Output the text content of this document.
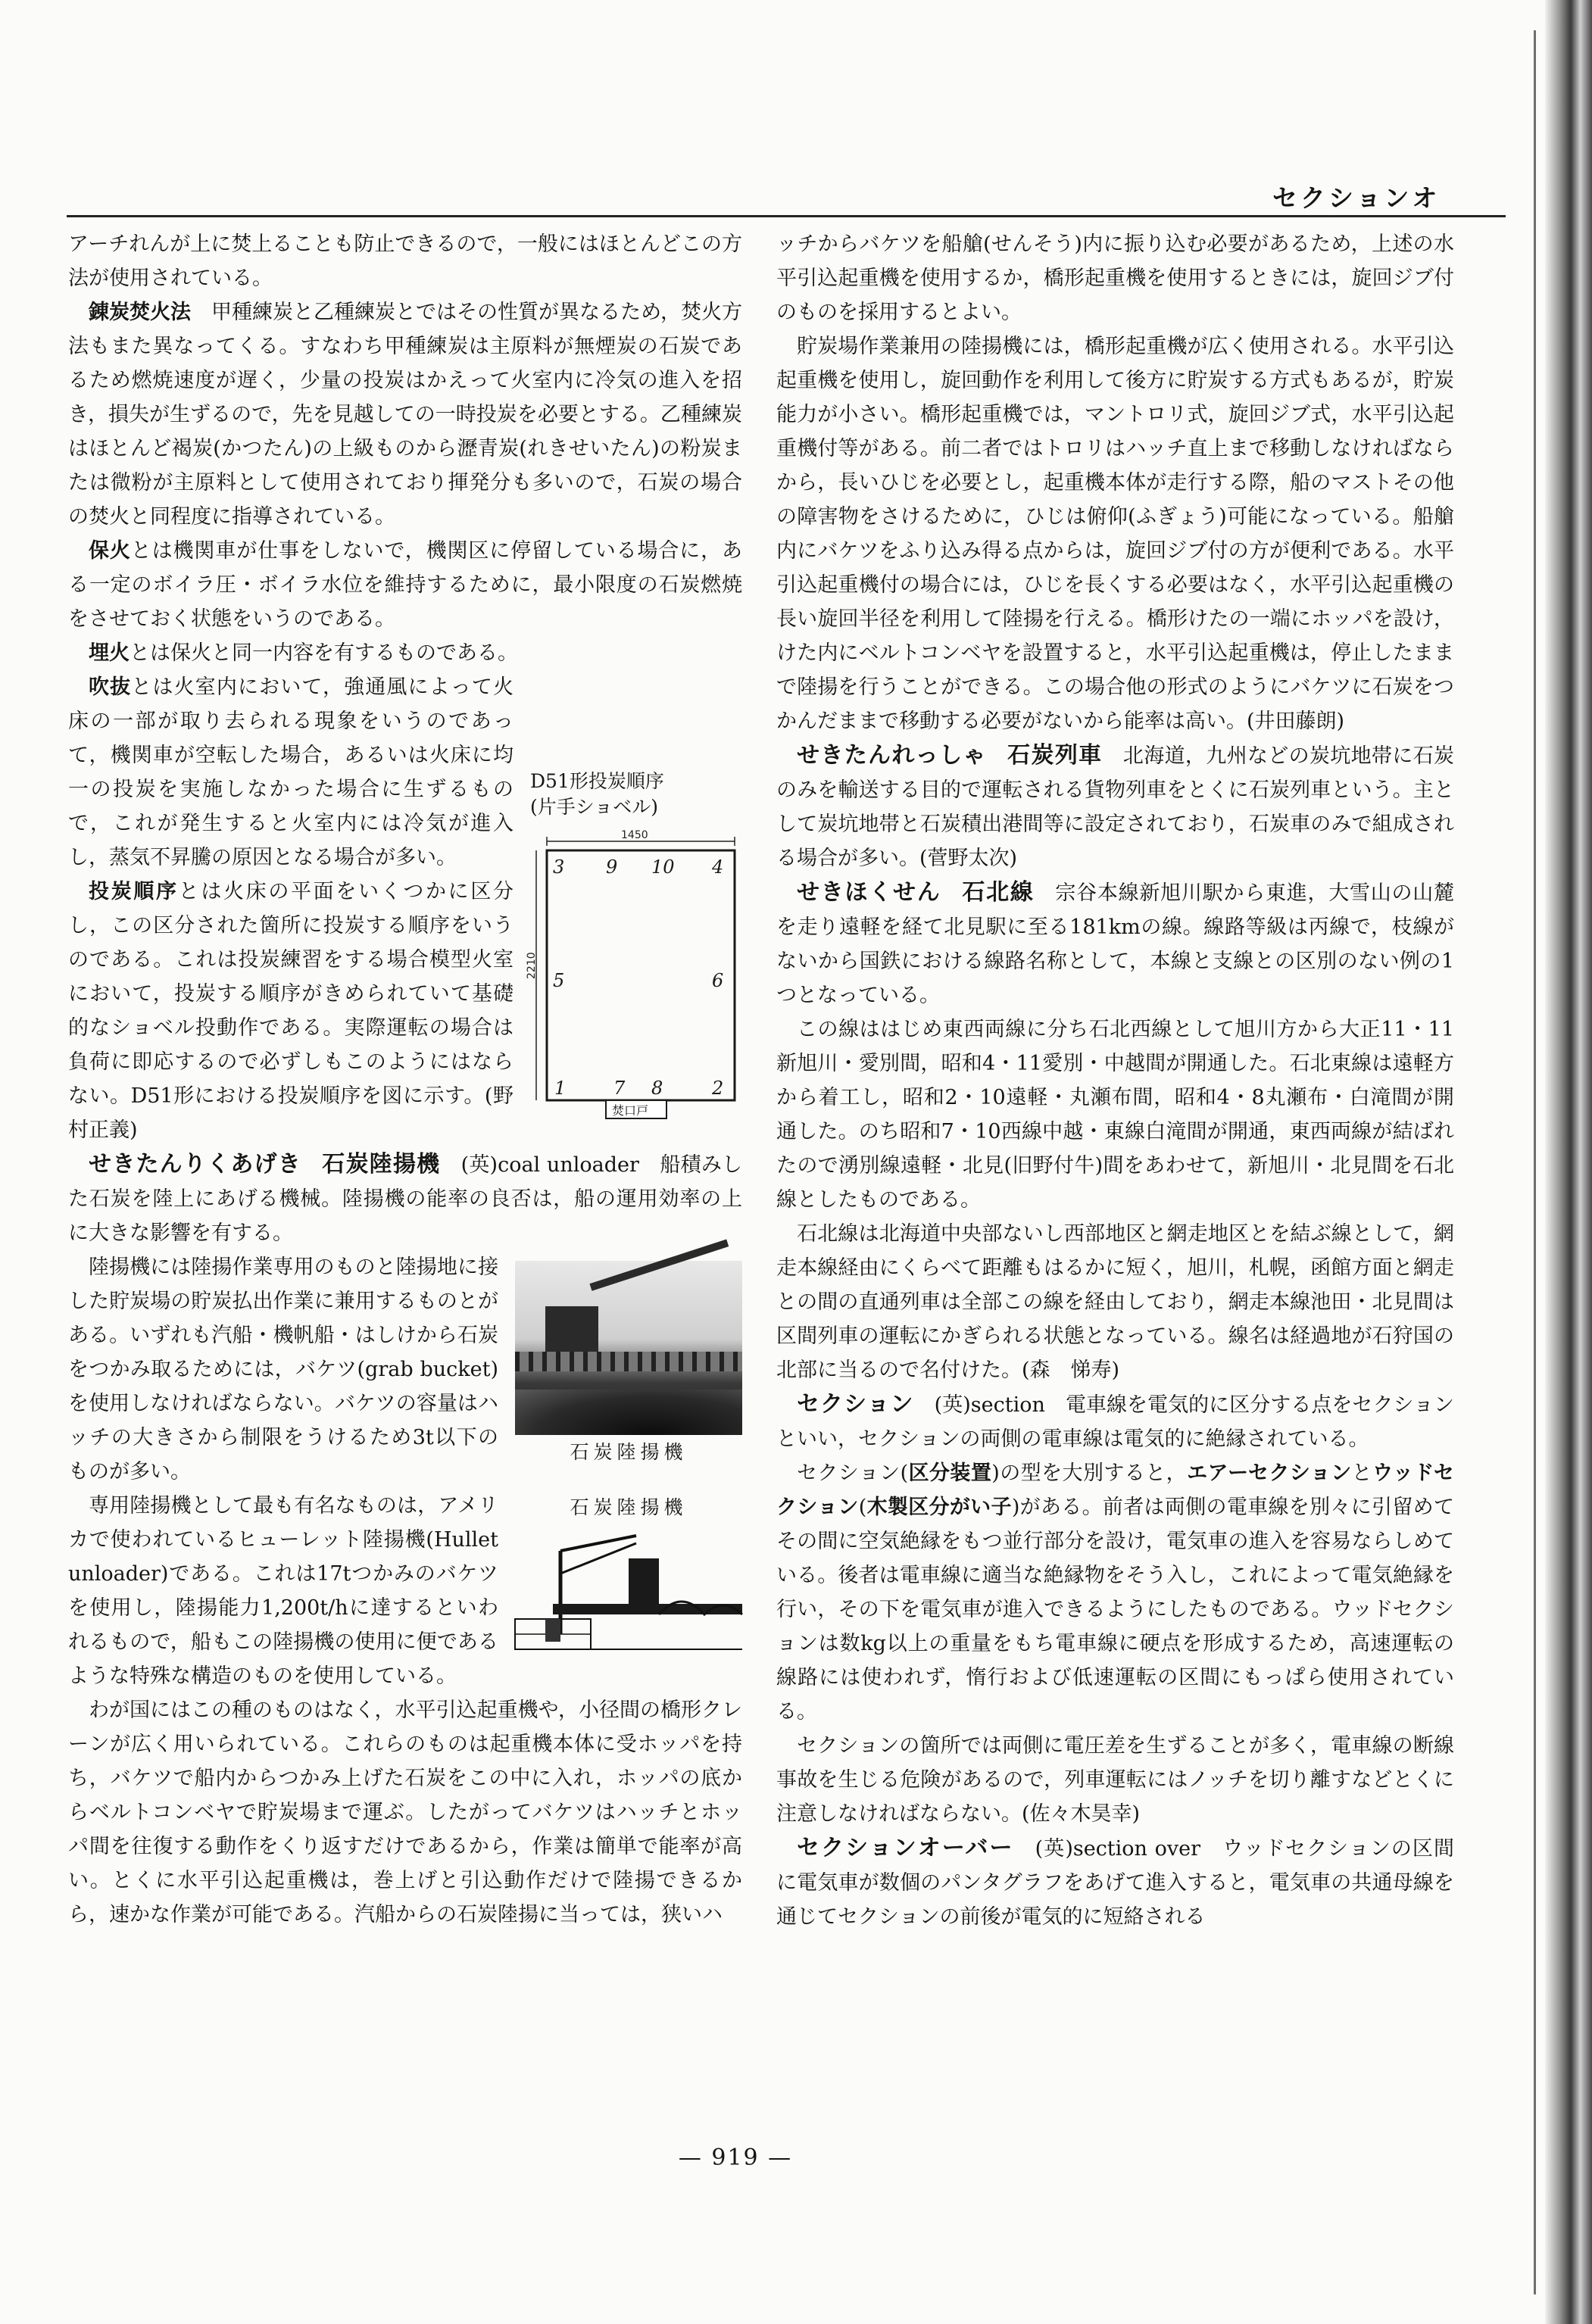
セクションオ

アーチれんが上に焚上ることも防止できるので，一般にはほとんどこの方法が使用されている。

錬炭焚火法　甲種練炭と乙種練炭とではその性質が異なるため，焚火方法もまた異なってくる。すなわち甲種練炭は主原料が無煙炭の石炭であるため燃焼速度が遅く，少量の投炭はかえって火室内に冷気の進入を招き，損失が生ずるので，先を見越しての一時投炭を必要とする。乙種練炭はほとんど褐炭(かつたん)の上級ものから瀝青炭(れきせいたん)の粉炭または微粉が主原料として使用されており揮発分も多いので，石炭の場合の焚火と同程度に指導されている。

保火とは機関車が仕事をしないで，機関区に停留している場合に，ある一定のボイラ圧・ボイラ水位を維持するために，最小限度の石炭燃焼をさせておく状態をいうのである。

埋火とは保火と同一内容を有するものである。

D51形投炭順序
(片手ショベル)
1450
2210
3 9 10 4
5	6
1	7 8	2
焚口戸

吹抜とは火室内において，強通風によって火床の一部が取り去られる現象をいうのであって，機関車が空転した場合，あるいは火床に均一の投炭を実施しなかった場合に生ずるもので，これが発生すると火室内には冷気が進入し，蒸気不昇騰の原因となる場合が多い。

投炭順序とは火床の平面をいくつかに区分し，この区分された箇所に投炭する順序をいうのである。これは投炭練習をする場合模型火室において，投炭する順序がきめられていて基礎的なショベル投動作である。実際運転の場合は負荷に即応するので必ずしもこのようにはならない。D51形における投炭順序を図に示す。(野村正義)

せきたんりくあげき　 石炭陸揚機　 (英)coal unloader　 船積みした石炭を陸上にあげる機械。陸揚機の能率の良否は，船の運用効率の上に大きな影響を有する。

石炭陸揚機

陸揚機には陸揚作業専用のものと陸揚地に接した貯炭場の貯炭払出作業に兼用するものとがある。いずれも汽船・機帆船・はしけから石炭をつかみ取るためには，バケツ(grab bucket)を使用しなければならない。バケツの容量はハッチの大きさから制限をうけるため3t以下のものが多い。

石炭陸揚機

専用陸揚機として最も有名なものは，アメリカで使われているヒューレット陸揚機(Hullet unloader)である。これは17tつかみのバケツを使用し，陸揚能力1,200t/hに達するといわれるもので，船もこの陸揚機の使用に便であるような特殊な構造のものを使用している。

わが国にはこの種のものはなく，水平引込起重機や，小径間の橋形クレーンが広く用いられている。これらのものは起重機本体に受ホッパを持ち，バケツで船内からつかみ上げた石炭をこの中に入れ，ホッパの底からベルトコンベヤで貯炭場まで運ぶ。したがってバケツはハッチとホッパ間を往復する動作をくり返すだけであるから，作業は簡単で能率が高い。とくに水平引込起重機は，巻上げと引込動作だけで陸揚できるから，速かな作業が可能である。汽船からの石炭陸揚に当っては，狭いハ

ッチからバケツを船艙(せんそう)内に振り込む必要があるため，上述の水平引込起重機を使用するか，橋形起重機を使用するときには，旋回ジブ付のものを採用するとよい。

貯炭場作業兼用の陸揚機には，橋形起重機が広く使用される。水平引込起重機を使用し，旋回動作を利用して後方に貯炭する方式もあるが，貯炭能力が小さい。橋形起重機では，マントロリ式，旋回ジブ式，水平引込起重機付等がある。前二者ではトロリはハッチ直上まで移動しなければならから，長いひじを必要とし，起重機本体が走行する際，船のマストその他の障害物をさけるために，ひじは俯仰(ふぎょう)可能になっている。船艙内にバケツをふり込み得る点からは，旋回ジブ付の方が便利である。水平引込起重機付の場合には，ひじを長くする必要はなく，水平引込起重機の長い旋回半径を利用して陸揚を行える。橋形けたの一端にホッパを設け，けた内にベルトコンベヤを設置すると，水平引込起重機は，停止したままで陸揚を行うことができる。この場合他の形式のようにバケツに石炭をつかんだままで移動する必要がないから能率は高い。(井田藤朗)

せきたんれっしゃ　 石炭列車　 北海道，九州などの炭坑地帯に石炭のみを輸送する目的で運転される貨物列車をとくに石炭列車という。主として炭坑地帯と石炭積出港間等に設定されており，石炭車のみで組成される場合が多い。(菅野太次)

せきほくせん　 石北線　 宗谷本線新旭川駅から東進，大雪山の山麓を走り遠軽を経て北見駅に至る181kmの線。線路等級は丙線で，枝線がないから国鉄における線路名称として，本線と支線との区別のない例の1つとなっている。

この線ははじめ東西両線に分ち石北西線として旭川方から大正11・11新旭川・愛別間，昭和4・11愛別・中越間が開通した。石北東線は遠軽方から着工し，昭和2・10遠軽・丸瀬布間，昭和4・8丸瀬布・白滝間が開通した。のち昭和7・10西線中越・東線白滝間が開通，東西両線が結ばれたので湧別線遠軽・北見(旧野付牛)間をあわせて，新旭川・北見間を石北線としたものである。

石北線は北海道中央部ないし西部地区と網走地区とを結ぶ線として，網走本線経由にくらべて距離もはるかに短く，旭川，札幌，函館方面と網走との間の直通列車は全部この線を経由しており，網走本線池田・北見間は区間列車の運転にかぎられる状態となっている。線名は経過地が石狩国の北部に当るので名付けた。(森　悌寿)

セクション　 (英)section　 電車線を電気的に区分する点をセクションといい，セクションの両側の電車線は電気的に絶縁されている。

セクション(区分装置)の型を大別すると，エアーセクションとウッドセクション(木製区分がい子)がある。前者は両側の電車線を別々に引留めてその間に空気絶縁をもつ並行部分を設け，電気車の進入を容易ならしめている。後者は電車線に適当な絶縁物をそう入し，これによって電気絶縁を行い，その下を電気車が進入できるようにしたものである。ウッドセクションは数kg以上の重量をもち電車線に硬点を形成するため，高速運転の線路には使われず，惰行および低速運転の区間にもっぱら使用されている。

セクションの箇所では両側に電圧差を生ずることが多く，電車線の断線事故を生じる危険があるので，列車運転にはノッチを切り離すなどとくに注意しなければならない。(佐々木昊幸)

セクションオーバー　 (英)section over　 ウッドセクションの区間に電気車が数個のパンタグラフをあげて進入すると，電気車の共通母線を通じてセクションの前後が電気的に短絡される

— 919 —
